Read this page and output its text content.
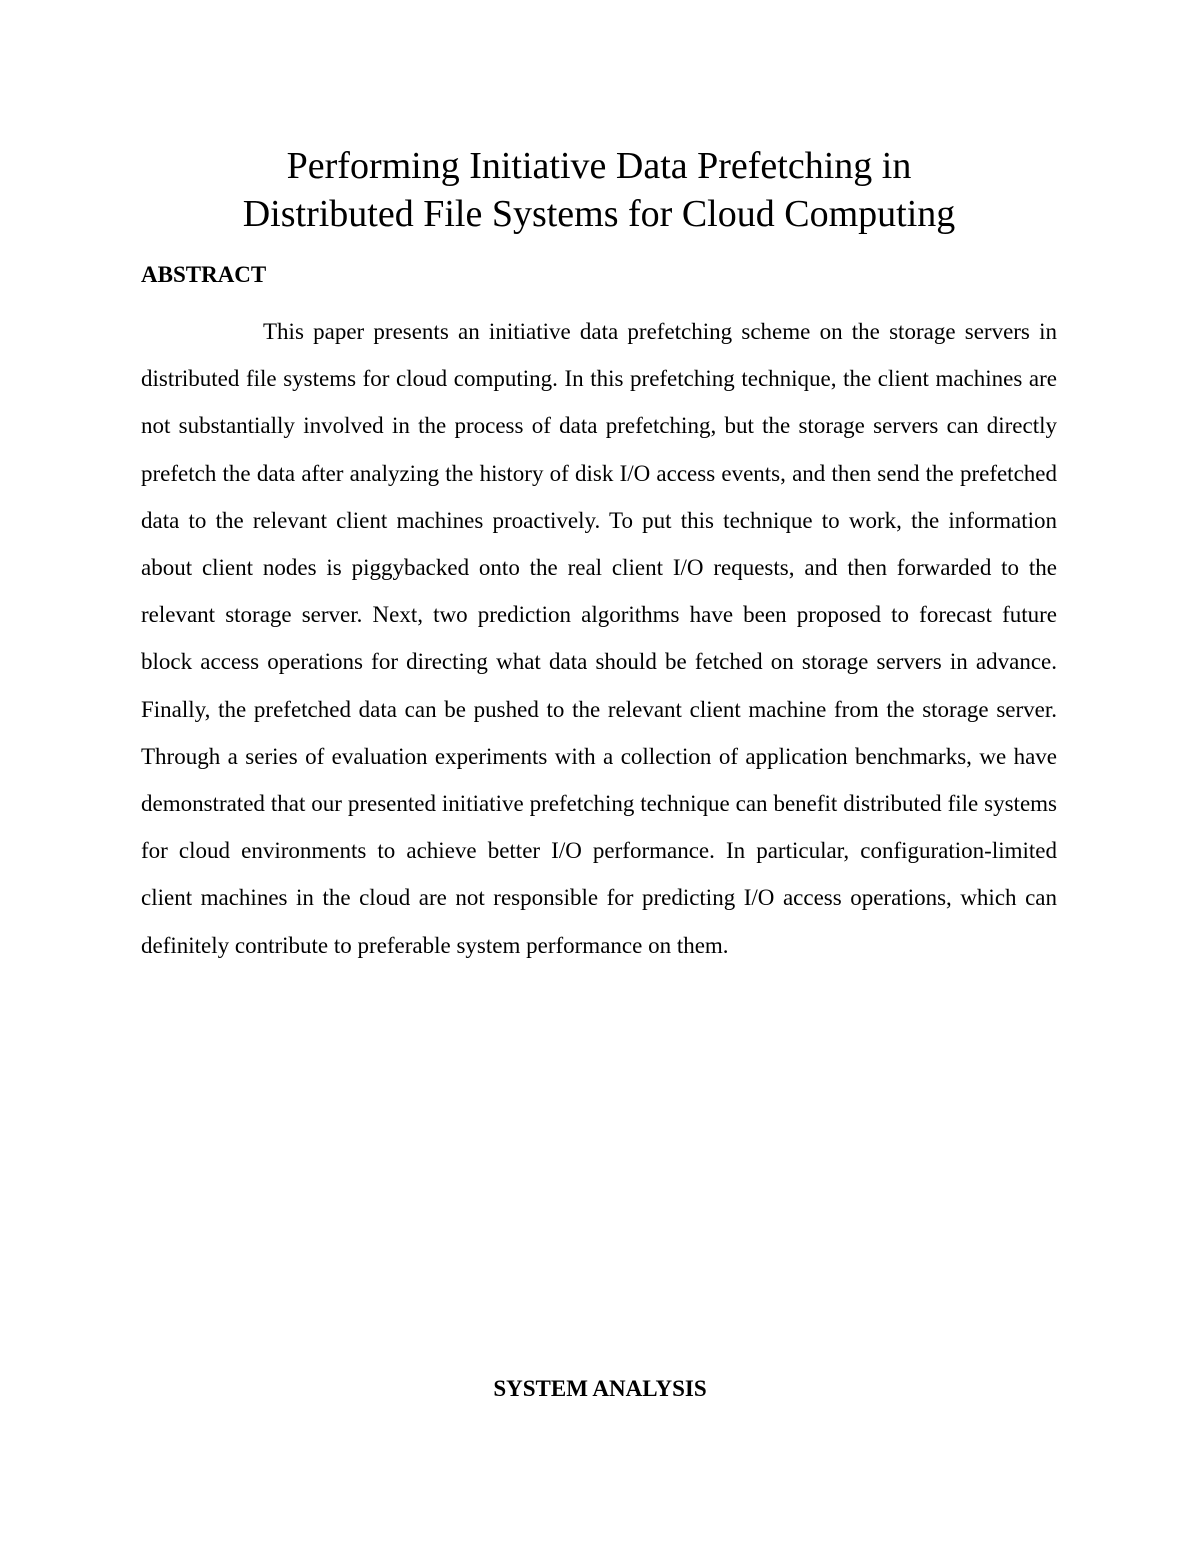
Performing Initiative Data Prefetching in
Distributed File Systems for Cloud Computing
ABSTRACT

This paper presents an initiative data prefetching scheme on the storage servers in distributed file systems for cloud computing. In this prefetching technique, the client machines are not substantially involved in the process of data prefetching, but the storage servers can directly prefetch the data after analyzing the history of disk I/O access events, and then send the prefetched data to the relevant client machines proactively. To put this technique to work, the information about client nodes is piggybacked onto the real client I/O requests, and then forwarded to the relevant storage server. Next, two prediction algorithms have been proposed to forecast future block access operations for directing what data should be fetched on storage servers in advance. Finally, the prefetched data can be pushed to the relevant client machine from the storage server. Through a series of evaluation experiments with a collection of application benchmarks, we have demonstrated that our presented initiative prefetching technique can benefit distributed file systems for cloud environments to achieve better I/O performance. In particular, configuration-limited client machines in the cloud are not responsible for predicting I/O access operations, which can definitely contribute to preferable system performance on them.

SYSTEM ANALYSIS
